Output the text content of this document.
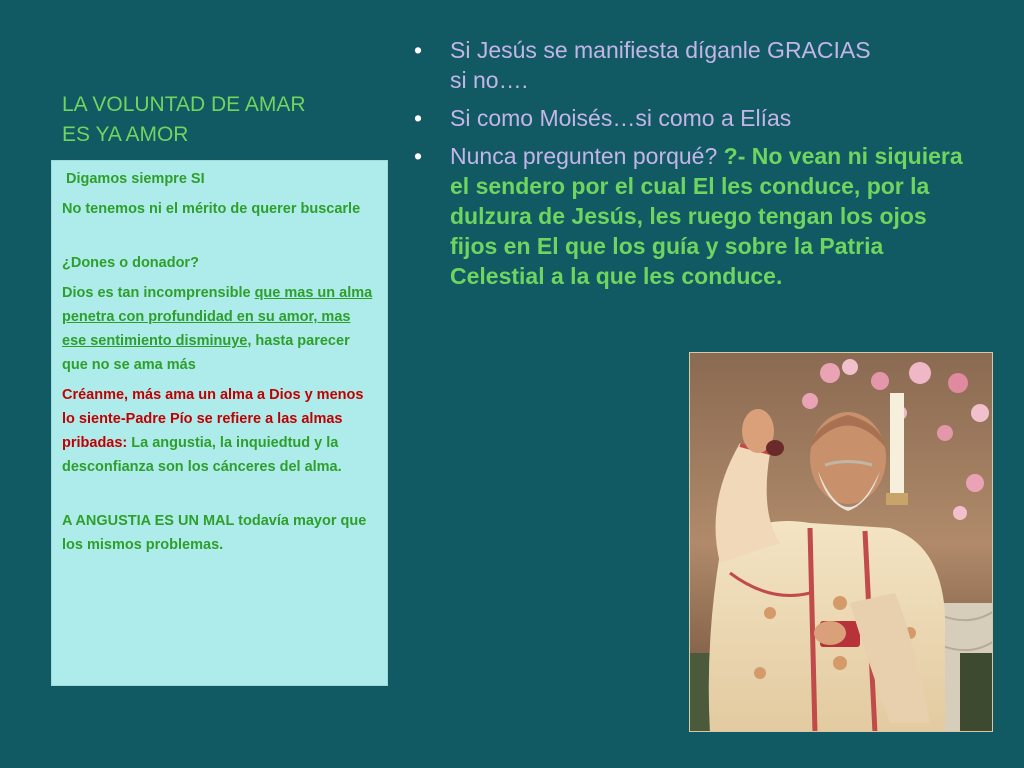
LA VOLUNTAD DE AMAR
ES YA AMOR

Digamos siempre SI

No tenemos ni el mérito de querer buscarle

¿Dones o donador?

Dios es tan incomprensible que mas un alma penetra con profundidad en su amor, mas ese sentimiento disminuye, hasta parecer que no se ama más

Créanme, más ama un alma a Dios y menos lo siente-Padre Pío se refiere a las almas pribadas: La angustia, la inquiedtud y la desconfianza son los cánceres del alma.

A ANGUSTIA ES UN MAL todavía mayor que los mismos problemas.

• Si Jesús se manifiesta díganle GRACIAS
si no….
• Si como Moisés…si como a Elías
• Nunca pregunten porqué? ?- No vean ni siquiera el sendero por el cual El les conduce, por la dulzura de Jesús, les ruego tengan los ojos fijos en El que los guía y sobre la Patria Celestial a la que les conduce.
